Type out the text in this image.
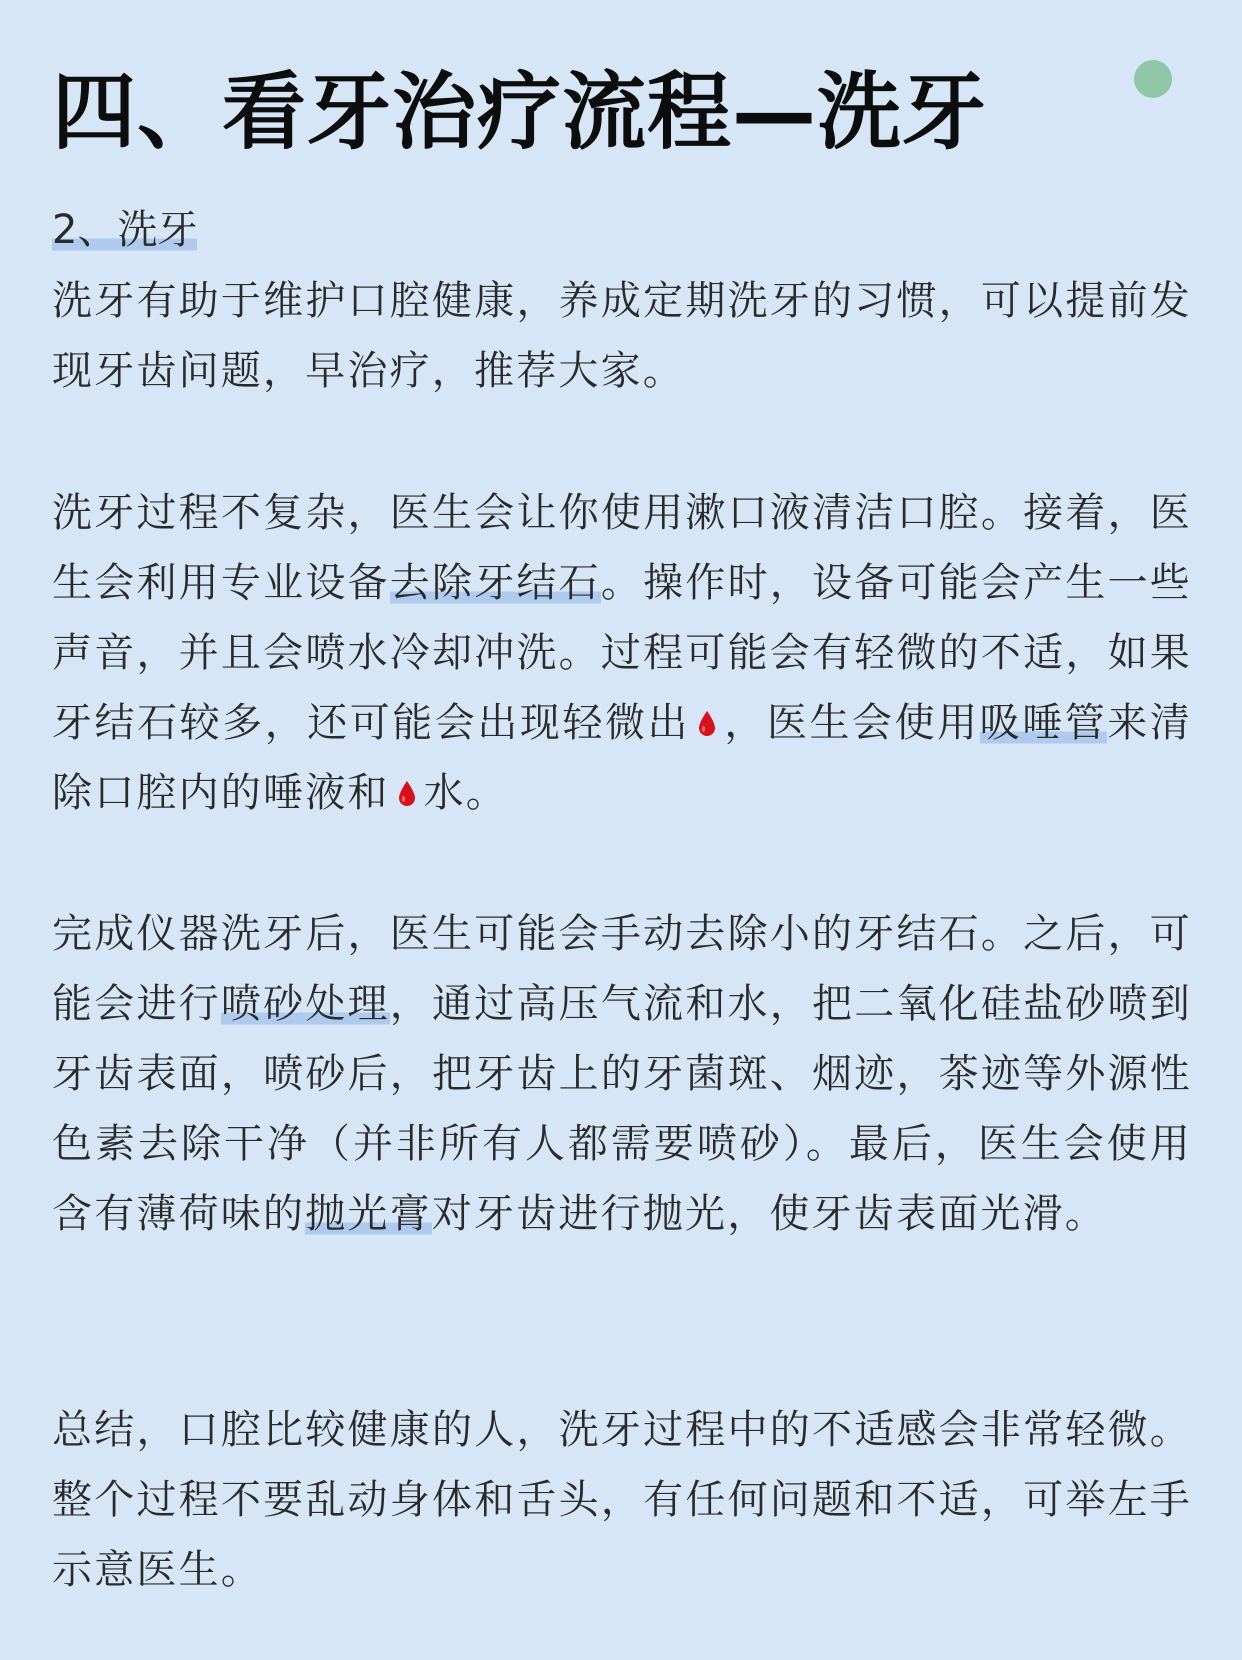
四、看牙治疗流程—洗牙
2、洗牙

洗牙有助于维护口腔健康，养成定期洗牙的习惯，可以提前发现牙齿问题，早治疗，推荐大家。

洗牙过程不复杂，医生会让你使用漱口液清洁口腔。接着，医生会利用专业设备去除牙结石。操作时，设备可能会产生一些声音，并且会喷水冷却冲洗。过程可能会有轻微的不适，如果牙结石较多，还可能会出现轻微出 ，医生会使用吸唾管来清除口腔内的唾液和 水。

完成仪器洗牙后，医生可能会手动去除小的牙结石。之后，可能会进行喷砂处理，通过高压气流和水，把二氧化硅盐砂喷到牙齿表面，喷砂后，把牙齿上的牙菌斑、烟迹，茶迹等外源性色素去除干净（并非所有人都需要喷砂）。最后，医生会使用含有薄荷味的抛光膏对牙齿进行抛光，使牙齿表面光滑。

总结，口腔比较健康的人，洗牙过程中的不适感会非常轻微。整个过程不要乱动身体和舌头，有任何问题和不适，可举左手示意医生。
